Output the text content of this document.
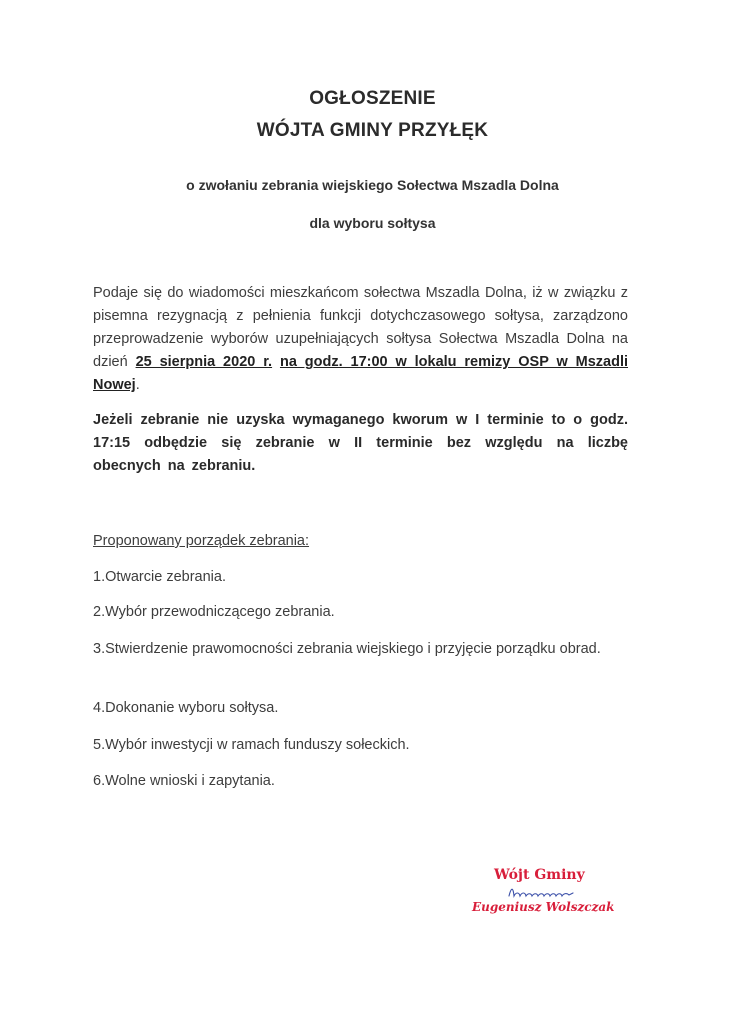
OGŁOSZENIE
WÓJTA GMINY PRZYŁĘK
o zwołaniu zebrania wiejskiego Sołectwa Mszadla Dolna
dla wyboru sołtysa
Podaje się do wiadomości mieszkańcom sołectwa Mszadla Dolna, iż w związku z pisemna rezygnacją z pełnienia funkcji dotychczasowego sołtysa, zarządzono przeprowadzenie wyborów uzupełniających sołtysa Sołectwa Mszadla Dolna na dzień 25 sierpnia 2020 r. na godz. 17:00 w lokalu remizy OSP w Mszadli Nowej.
Jeżeli zebranie nie uzyska wymaganego kworum w I terminie to o godz. 17:15 odbędzie się zebranie w II terminie bez względu na liczbę obecnych na zebraniu.
Proponowany porządek zebrania:
1.Otwarcie zebrania.
2.Wybór przewodniczącego zebrania.
3.Stwierdzenie prawomocności zebrania wiejskiego i przyjęcie porządku obrad.
4.Dokonanie wyboru sołtysa.
5.Wybór inwestycji w ramach funduszy sołeckich.
6.Wolne wnioski i zapytania.
Wójt Gminy
Eugeniusz Wolszczak
